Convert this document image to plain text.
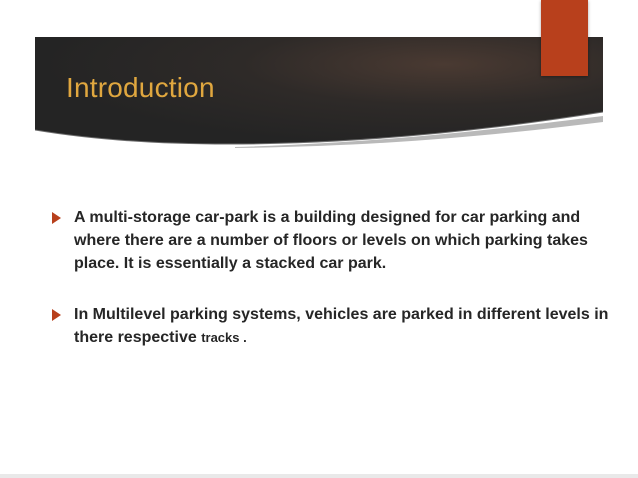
Introduction
A multi-storage car-park is a building designed for car parking and where there are a number of floors or levels on which parking takes place. It is essentially a stacked car park.
In Multilevel parking systems, vehicles are parked in different levels in there respective tracks .
